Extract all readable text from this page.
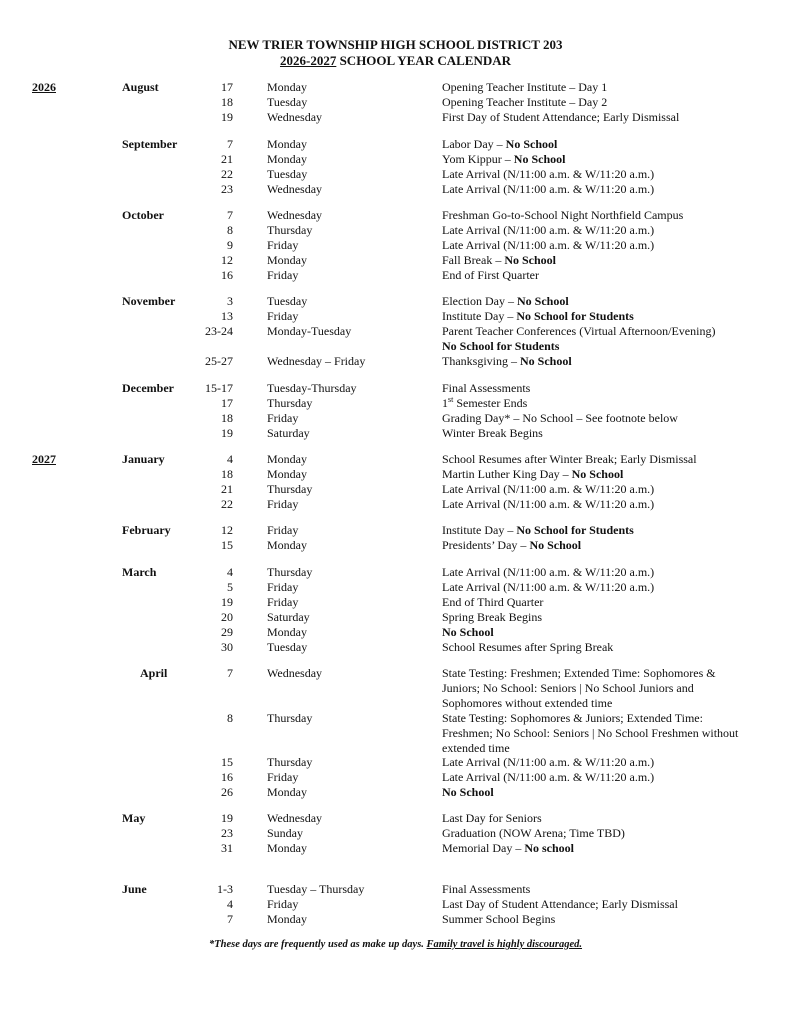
NEW TRIER TOWNSHIP HIGH SCHOOL DISTRICT 203
2026-2027 SCHOOL YEAR CALENDAR
2026	August	17	Monday	Opening Teacher Institute – Day 1
18	Tuesday	Opening Teacher Institute – Day 2
19	Wednesday	First Day of Student Attendance; Early Dismissal
September	7	Monday	Labor Day – No School
21	Monday	Yom Kippur – No School
22	Tuesday	Late Arrival (N/11:00 a.m. & W/11:20 a.m.)
23	Wednesday	Late Arrival (N/11:00 a.m. & W/11:20 a.m.)
October	7	Wednesday	Freshman Go-to-School Night Northfield Campus
8	Thursday	Late Arrival (N/11:00 a.m. & W/11:20 a.m.)
9	Friday	Late Arrival (N/11:00 a.m. & W/11:20 a.m.)
12	Monday	Fall Break – No School
16	Friday	End of First Quarter
November	3	Tuesday	Election Day – No School
13	Friday	Institute Day – No School for Students
23-24	Monday-Tuesday	Parent Teacher Conferences (Virtual Afternoon/Evening)
No School for Students
25-27	Wednesday – Friday	Thanksgiving – No School
December	15-17	Tuesday-Thursday	Final Assessments
17	Thursday	1st Semester Ends
18	Friday	Grading Day* – No School – See footnote below
19	Saturday	Winter Break Begins
2027	January	4	Monday	School Resumes after Winter Break; Early Dismissal
18	Monday	Martin Luther King Day – No School
21	Thursday	Late Arrival (N/11:00 a.m. & W/11:20 a.m.)
22	Friday	Late Arrival (N/11:00 a.m. & W/11:20 a.m.)
February	12	Friday	Institute Day – No School for Students
15	Monday	Presidents’ Day – No School
March	4	Thursday	Late Arrival (N/11:00 a.m. & W/11:20 a.m.)
5	Friday	Late Arrival (N/11:00 a.m. & W/11:20 a.m.)
19	Friday	End of Third Quarter
20	Saturday	Spring Break Begins
29	Monday	No School
30	Tuesday	School Resumes after Spring Break
April	7	Wednesday	State Testing: Freshmen; Extended Time: Sophomores & Juniors; No School: Seniors | No School Juniors and Sophomores without extended time
8	Thursday	State Testing: Sophomores & Juniors; Extended Time: Freshmen; No School: Seniors | No School Freshmen without extended time
15	Thursday	Late Arrival (N/11:00 a.m. & W/11:20 a.m.)
16	Friday	Late Arrival (N/11:00 a.m. & W/11:20 a.m.)
26	Monday	No School
May	19	Wednesday	Last Day for Seniors
23	Sunday	Graduation (NOW Arena; Time TBD)
31	Monday	Memorial Day – No school
June	1-3	Tuesday – Thursday	Final Assessments
4	Friday	Last Day of Student Attendance; Early Dismissal
7	Monday	Summer School Begins
*These days are frequently used as make up days. Family travel is highly discouraged.
